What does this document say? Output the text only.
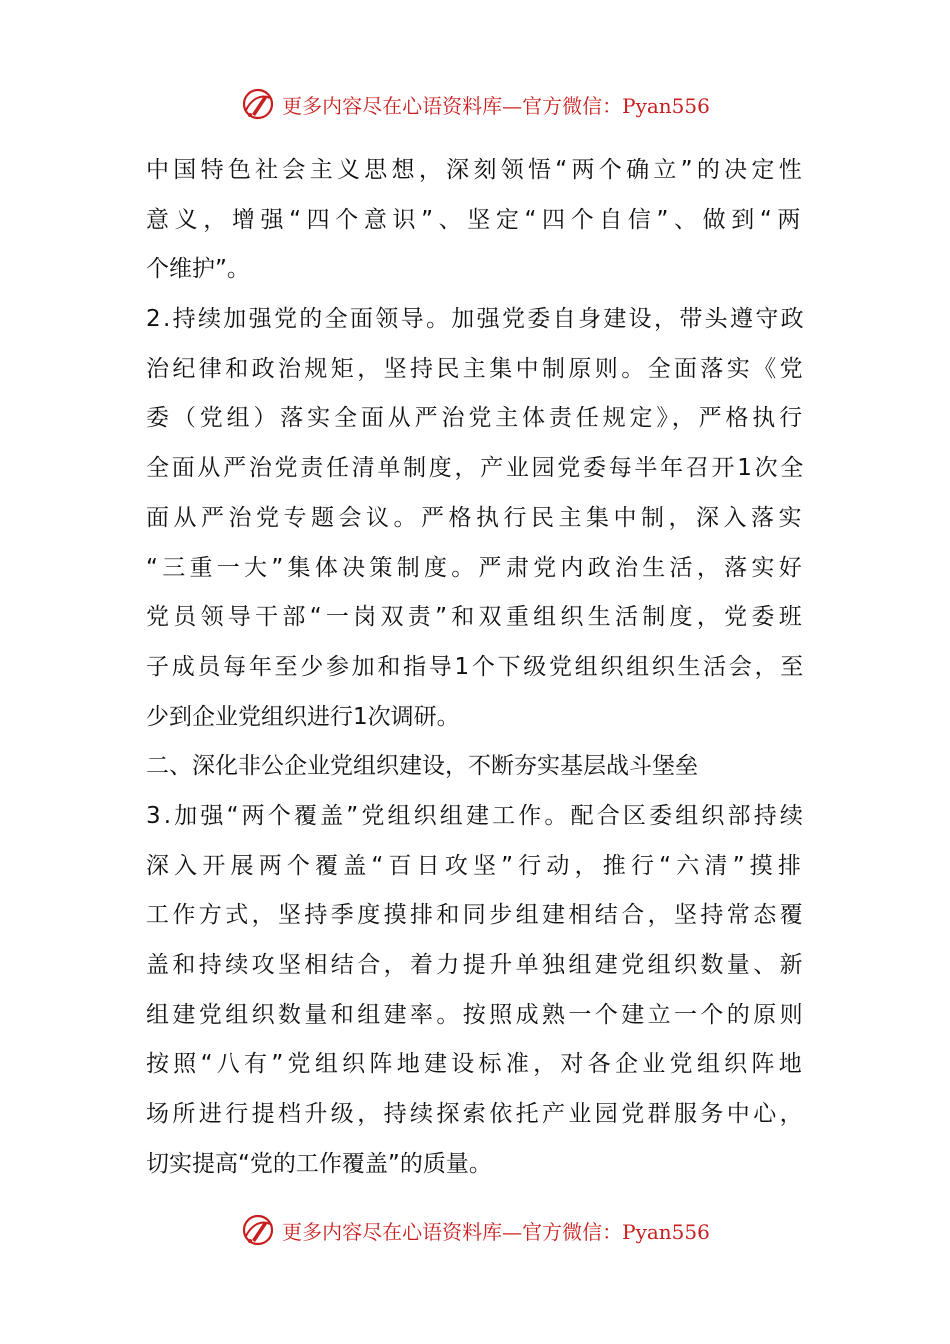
更多内容尽在心语资料库—官方微信：Pyan556
中国特色社会主义思想，深刻领悟“两个确立”的决定性
意义，增强“四个意识”、坚定“四个自信”、做到“两
个维护”。
2.持续加强党的全面领导。加强党委自身建设，带头遵守政
治纪律和政治规矩，坚持民主集中制原则。全面落实《党
委（党组）落实全面从严治党主体责任规定》，严格执行
全面从严治党责任清单制度，产业园党委每半年召开1次全
面从严治党专题会议。严格执行民主集中制，深入落实
“三重一大”集体决策制度。严肃党内政治生活，落实好
党员领导干部“一岗双责”和双重组织生活制度，党委班
子成员每年至少参加和指导1个下级党组织组织生活会，至
少到企业党组织进行1次调研。
二、深化非公企业党组织建设，不断夯实基层战斗堡垒
3.加强“两个覆盖”党组织组建工作。配合区委组织部持续
深入开展两个覆盖“百日攻坚”行动，推行“六清”摸排
工作方式，坚持季度摸排和同步组建相结合，坚持常态覆
盖和持续攻坚相结合，着力提升单独组建党组织数量、新
组建党组织数量和组建率。按照成熟一个建立一个的原则
按照“八有”党组织阵地建设标准，对各企业党组织阵地
场所进行提档升级，持续探索依托产业园党群服务中心，
切实提高“党的工作覆盖”的质量。
更多内容尽在心语资料库—官方微信：Pyan556
